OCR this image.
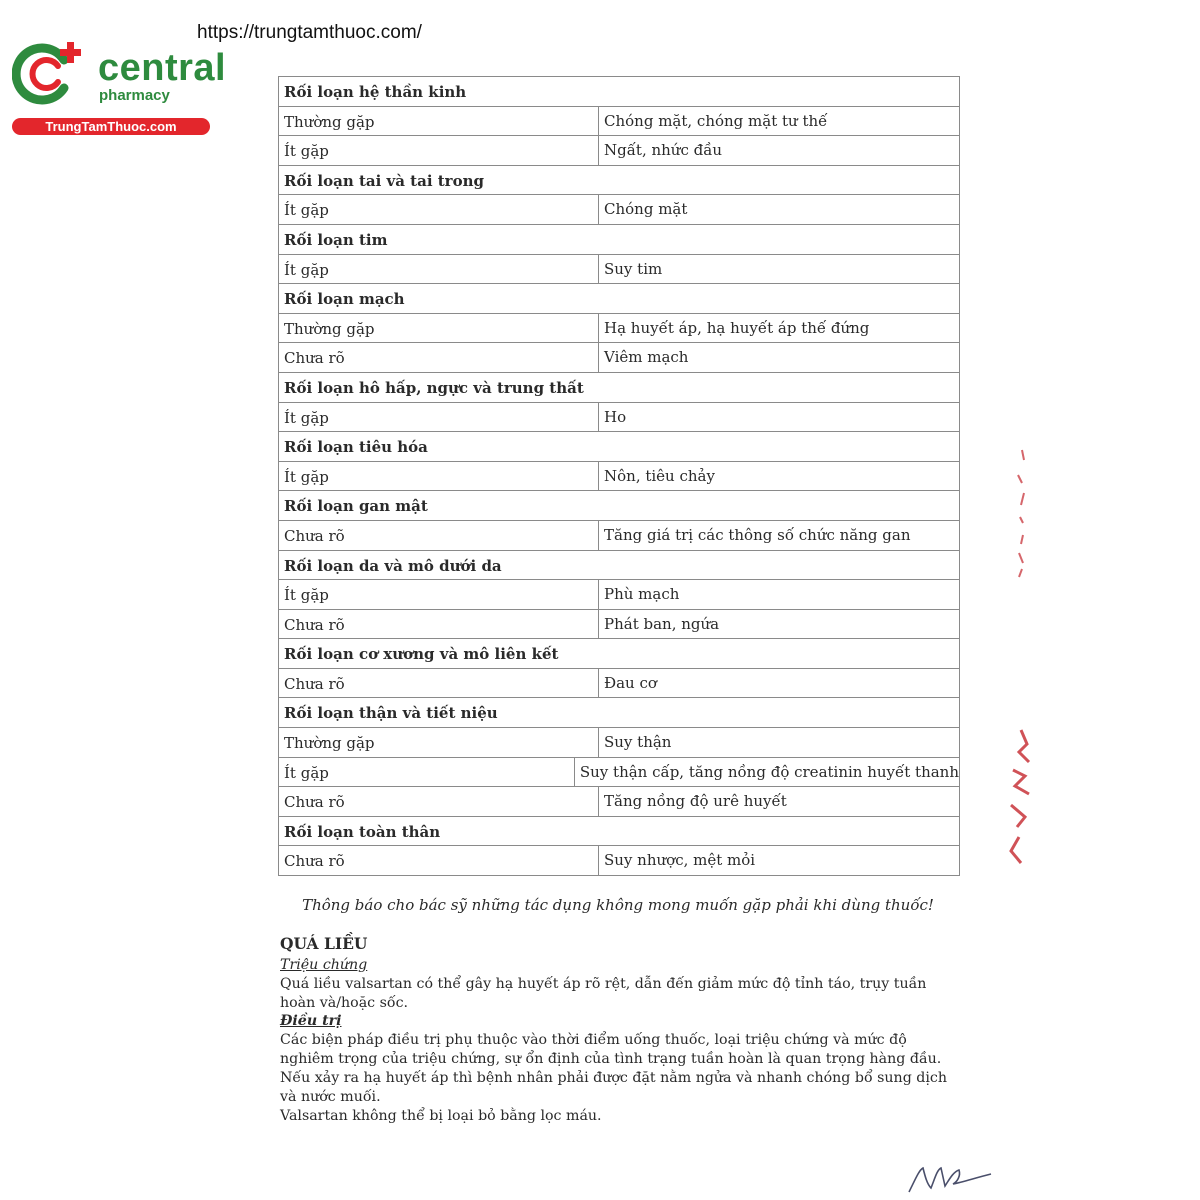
https://trungtamthuoc.com/
central
pharmacy
TrungTamThuoc.com
Rối loạn hệ thần kinh
Thường gặp	Chóng mặt, chóng mặt tư thế
Ít gặp	Ngất, nhức đầu
Rối loạn tai và tai trong
Ít gặp	Chóng mặt
Rối loạn tim
Ít gặp	Suy tim
Rối loạn mạch
Thường gặp	Hạ huyết áp, hạ huyết áp thế đứng
Chưa rõ	Viêm mạch
Rối loạn hô hấp, ngực và trung thất
Ít gặp	Ho
Rối loạn tiêu hóa
Ít gặp	Nôn, tiêu chảy
Rối loạn gan mật
Chưa rõ	Tăng giá trị các thông số chức năng gan
Rối loạn da và mô dưới da
Ít gặp	Phù mạch
Chưa rõ	Phát ban, ngứa
Rối loạn cơ xương và mô liên kết
Chưa rõ	Đau cơ
Rối loạn thận và tiết niệu
Thường gặp	Suy thận
Ít gặp	Suy thận cấp, tăng nồng độ creatinin huyết thanh
Chưa rõ	Tăng nồng độ urê huyết
Rối loạn toàn thân
Chưa rõ	Suy nhược, mệt mỏi
Thông báo cho bác sỹ những tác dụng không mong muốn gặp phải khi dùng thuốc!
QUÁ LIỀU
Triệu chứng
Quá liều valsartan có thể gây hạ huyết áp rõ rệt, dẫn đến giảm mức độ tỉnh táo, trụy tuần hoàn và/hoặc sốc.
Điều trị
Các biện pháp điều trị phụ thuộc vào thời điểm uống thuốc, loại triệu chứng và mức độ nghiêm trọng của triệu chứng, sự ổn định của tình trạng tuần hoàn là quan trọng hàng đầu.
Nếu xảy ra hạ huyết áp thì bệnh nhân phải được đặt nằm ngửa và nhanh chóng bổ sung dịch và nước muối.
Valsartan không thể bị loại bỏ bằng lọc máu.
